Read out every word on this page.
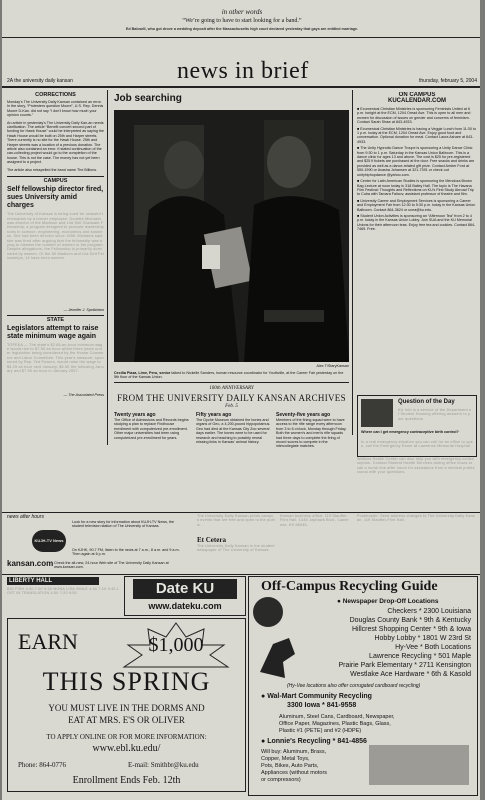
in other words
“We’re going to have to start looking for a band.”
Ed Balowill, who got drove a wedding deposit after the Massachusetts high court declared yesterday that gays are entitled marriage.
news in brief
2A the university daily kansan	thursday, february 5, 2004
CORRECTIONS
Monday's The University Daily Kansan contained an error. In the story, “Protesters question Moore”, U.S. Rep. Dennis Moore D-Kan. did not say “I don't know how much your opinion counts.”
An article in yesterday's The University Daily Kan-an needs clarification. The article “Benefit concert second part of funding for Hawk House” could be interpreted as saying the Hawk House would be built on 25th and Harper streets. There currently is no site for the Hawk House. 25th and Harper streets was a location of a previous donation. The article also contained an error. It stated continuation of the can-collecting project would go to the completion of the house. This is not the case. The money has not yet been assigned to a project.
The article also misspelled the band name The Billions.
CAMPUS
Self fellowship director fired, sues University amid charges
The University of Kansas is being sued for unlawful termination by a former employee. Donette Michaels was director of the Madison and Lila Self Graduate Fellowship, a program designed to promote leadership roles in science, engineering, economics and business. She had been director since 1996. Michaels said she was fired after arguing that the fellowship was trying to dismiss the number of women in the program. Despite allegations, the Fellowship is primarily dominated by women. Of the 50 Madison and Lila Self Fellowships, 14 have been women.
— Jennifer J. Spotbinton
STATE
Legislators attempt to raise state minimum wage again
TOPEKA — The state's $2.65-an-hour minimum wage would rise to $7.50 an hour within three years under legislation being considered by the House Commerce and Labor Committee. This year's measure, sponsored by Rep. Ted Powers, would raise the wage to $5.25 an hour next January, $6.50 the following January and $7.50 an hour in January 2007.
— The Associated Press
Job searching
Alex T/StaryKansan
Cecilia Plaza, Lime, Peru, senior talked to Nickelle Sanders, human resource coordinator for Youthville, at the Career Fair yesterday on the 5th floor of the Kansas Union.
ON CAMPUS
KUCALENDAR.COM
■ Ecumenical Christian Ministries is sponsoring Feminists United at 6 p.m. tonight at the ECM, 1204 Oread Ave. This is open to all men and women for discussion of issues on gender and concerns of feminism. Contact Sarah Shaw at 843-4933.
■ Ecumenical Christian Ministries is having a Veggie Lunch from 11:30 to 1 p.m. today at the ECM, 1204 Oread Ave. Enjoy good food and conversation. Optional donation for meal. Contact Laura Ashare at 843-4933.
■ The Unity Hypnotic Dance Troupe is sponsoring a Unity Dance Clinic from 9:30 to 1 p.m. Saturday in the Kansas Union Ballroom. This is a dance clinic for ages 13 and above. The cost is $25 for pre-registered and $25 if tickets are purchased at the door. Free snacks and drinks are provided as well as a dance-related gift prize. Contact Amber Ford at 550-1990 or Avasha Johansen at 321-7391 or check out unityhiphopdance @yahoo.com.
■ Center for Latin American Studies is sponsoring the Mendoza Brown Bag Lecture at noon today in 318 Bailey Hall. The topic is The Havana Film Festival: Thoughts and Reflections on KU's First Study Abroad Trip to Cuba with Tamara Falicov, assistant professor of theatre and film.
■ University Career and Employment Services is sponsoring a Career and Employment Fair from 12:30 to 5:30 p.m. today in the Kansas Union Ballroom. Contact 864-3624 or ucea@ku.edu.
■ Student Union Activities is sponsoring an “Afternoon Tea” from 2 to 4 p.m. today in the Kansas Union Lobby. Join SUA and the KU Memorial Unions for their afternoon teas. Enjoy free tea and cookies. Contact 864-7469. Free.
Question of the Day
KU Info is a service of the Department of Student Housing offering answers to your questions.
Where can I get emergency contraceptive birth control?
In a real emergency situation you can call for an office to open, call the Emergency Room at Lawrence Memorial Hospital.
Watkins Health Center can also help you with emergency contraception. Contact Student Health Services during office hours or call a nurse line after hours for assistance from a medical professional with your questions.
100th ANNIVERSARY
FROM THE UNIVERSITY DAILY KANSAN ARCHIVES
Feb. 5
Twenty years ago
The Office of Admissions and Records begins studying a plan to replace Findhouse enrollment with computerized pre-enrollment. Other major universities had been using computerized pre-enrollment for years.
Fifty years ago
The Dyche Museum obtained the bones and organs of Geo, a 4,200-pound hippopotamus. Geo had died at the Kansas City Zoo several days earlier. The bones were to be used for research and teaching to possibly reveal missing links in Kansas' animal history.
Seventy-five years ago
Members of the fining squad were to have access to the rifle range every afternoon from 3 to 6 o'clock, Monday through Friday. Both the women's and men's rifle squads had three days to complete the firing of record scores to compete in the intercollegiate matches.
news after hours
KUJH-TV News
Look for a new story for information about KUJH-TV News, the student television station of The University of Kansas.
On KJHK, 90.7 FM, listen to the news at 7 a.m., 8 a.m. and 9 a.m. Then again at 6 p.m.
kansan.com Check the all-new, 24-hour Web site of The University Daily Kansan at www.kansan.com.
The University Daily Kansan prints campus events that are free and open to the public.
Et Cetera
The University Daily Kansan is the student newspaper of The University of Kansas.
Kansan business office, 119 Stauffer-Flint Hall, 1435 Jayhawk Blvd., Lawrence, KS 66045.
Postmaster: Send address changes to The University Daily Kansan, 119 Stauffer-Flint Hall.
LIBERTY HALL
BIG FISH 4:30 7:00 9:30 MONA LISA SMILE 4:40 7:10 9:40 LOST IN TRANSLATION 4:50 7:20 9:50	Date KU
www.dateku.com
EARN	$1,000
THIS SPRING
YOU MUST LIVE IN THE DORMS AND
EAT AT MRS. E'S OR OLIVER
TO APPLY ONLINE OR FOR MORE INFORMATION:
www.ebl.ku.edu/
Phone: 864-0776	E-mail: Smithbr@ku.edu
Enrollment Ends Feb. 12th
Off-Campus Recycling Guide
● Newspaper Drop-Off Locations
Checkers * 2300 Louisiana
Douglas County Bank * 9th & Kentucky
Hillcrest Shopping Center * 9th & Iowa
Hobby Lobby * 1801 W 23rd St
Hy-Vee * Both Locations
Lawrence Recycling * 501 Maple
Prairie Park Elementary * 2711 Kensington
Westlake Ace Hardware * 6th & Kasold
(Hy-Vee locations also offer corrugated cardboard recycling)
● Wal-Mart Community Recycling
3300 Iowa * 841-9558
Aluminum, Steel Cans, Cardboard, Newspaper,
Office Paper, Magazines, Plastic Bags, Glass,
Plastic #1 (PETE) and #2 (HDPE)
● Lonnie's Recycling * 841-4856
Will buy: Aluminum, Brass,
Copper, Metal Toys,
Pots, Bikes, Auto Parts,
Appliances (without motors
or compressors)
